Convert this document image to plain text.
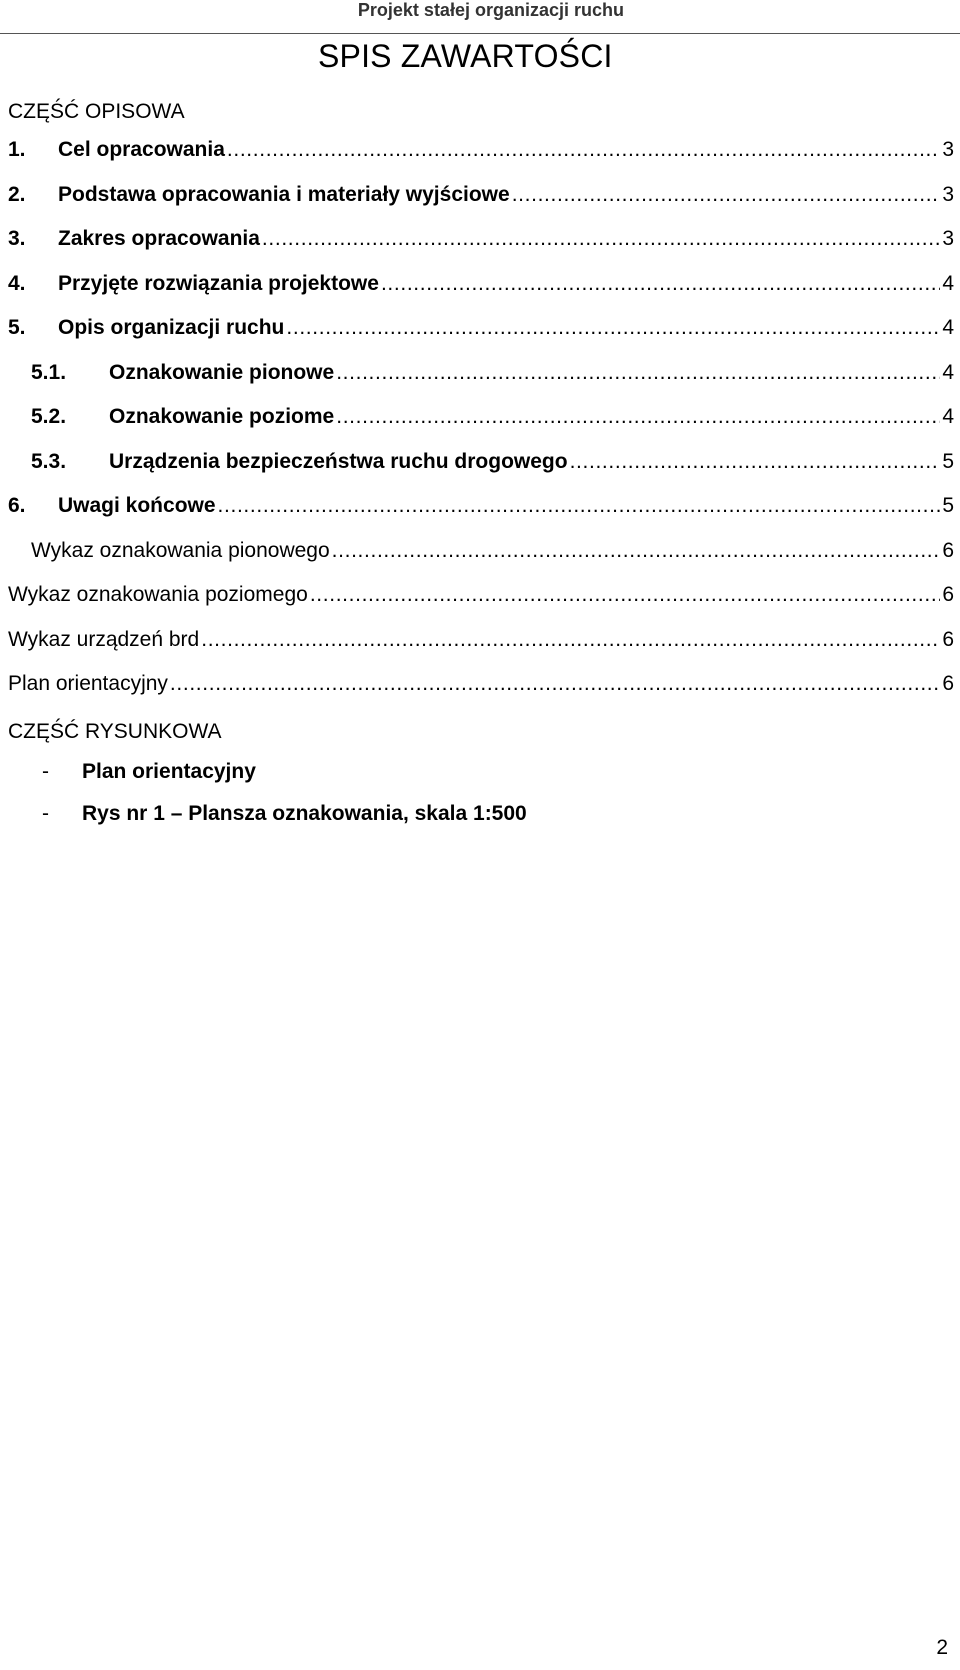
Projekt stałej organizacji ruchu
SPIS ZAWARTOŚCI
CZĘŚĆ OPISOWA
1.	Cel opracowania . . .	3
2.	Podstawa opracowania i materiały wyjściowe . . .	3
3.	Zakres opracowania . . .	3
4.	Przyjęte rozwiązania projektowe . . .	4
5.	Opis organizacji ruchu . . .	4
5.1.	Oznakowanie pionowe . . .	4
5.2.	Oznakowanie poziome . . .	4
5.3.	Urządzenia bezpieczeństwa ruchu drogowego . . .	5
6.	Uwagi końcowe . . .	5
Wykaz oznakowania pionowego . . .	6
Wykaz oznakowania poziomego . . .	6
Wykaz urządzeń brd . . .	6
Plan orientacyjny . . .	6
CZĘŚĆ RYSUNKOWA
-	Plan orientacyjny
-	Rys nr 1 – Plansza oznakowania, skala 1:500
2
